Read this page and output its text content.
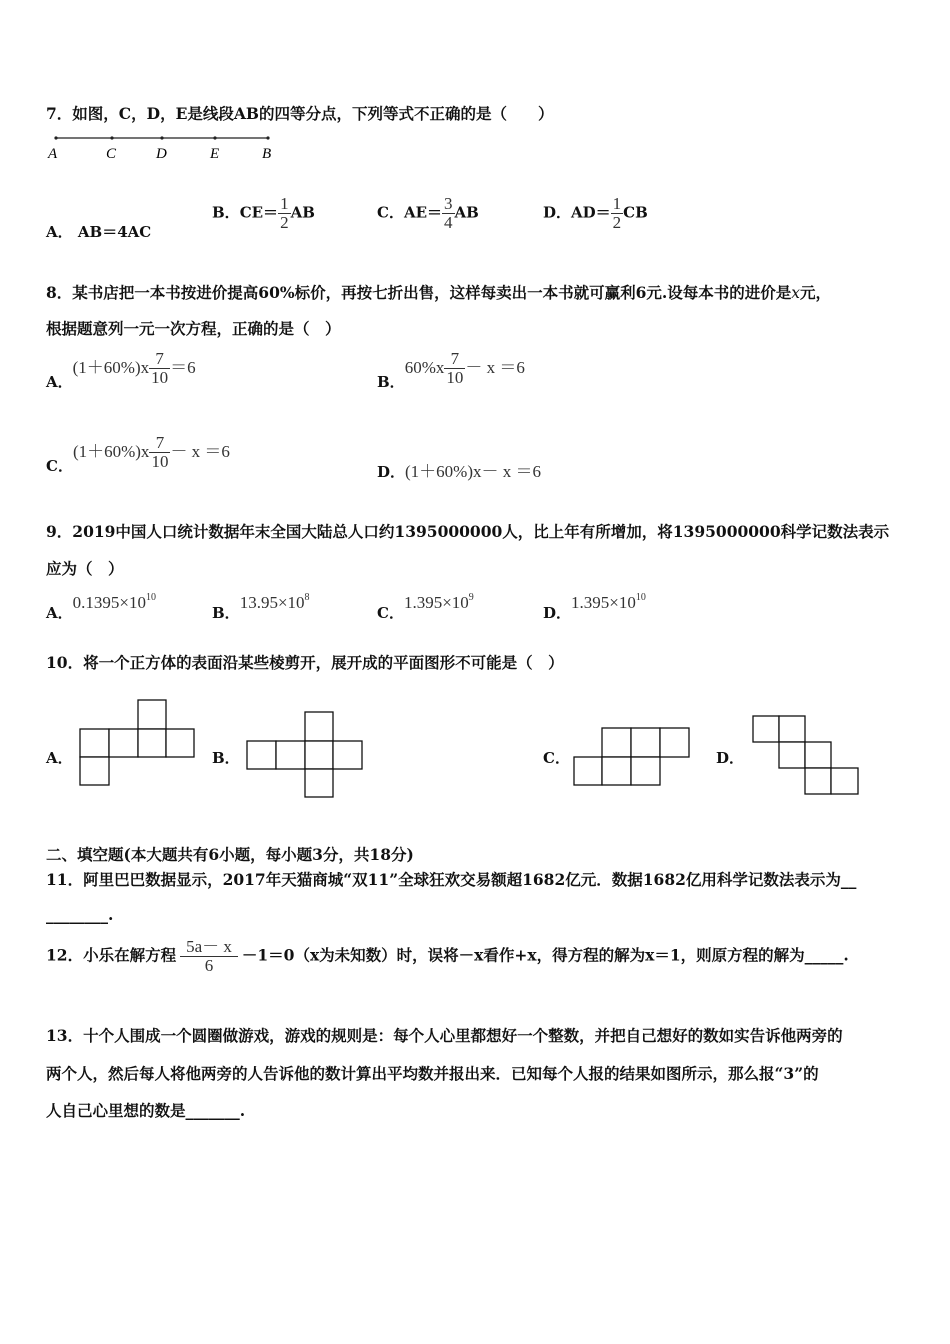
7．如图，C，D，E是线段AB的四等分点，下列等式不正确的是（　　）
A	C	D	E	B
A． AB＝4AC
B．$CE= \frac{1}{2}$ AB	C．$AE= \frac{3}{4}$ AB	D．$AD= \frac{1}{2}$ CB
8．某书店把一本书按进价提高60%标价，再按七折出售，这样每卖出一本书就可赢利6元.设每本书的进价是x元，
根据题意列一元一次方程，正确的是（　）
A．$(1+60\%)x \frac{7}{10} =6$
B．$60\%x \frac{7}{10} - x =6$
C．$(1+60\%)x \frac{7}{10} - x =6$
D．(1＋60%)x－ x ＝6
9．2019中国人口统计数据年末全国大陆总人口约1395000000人，比上年有所增加，将1395000000科学记数法表示
应为（　）
A．$0.1395\times 10^{10}$
B．$13.95\times 10^8$
C．$1.395\times 10^9$
D．$1.395\times 10^{10}$
10．将一个正方体的表面沿某些棱剪开，展开成的平面图形不可能是（　）
A．	B．	C．	D．
二、填空题(本大题共有6小题，每小题3分，共18分)
11．阿里巴巴数据显示，2017年天猫商城“双11”全球狂欢交易额超1682亿元．数据1682亿用科学记数法表示为__
________.
12．小乐在解方程 $\frac{5a- x}{6} -1=0(x$为未知数）时，误将－x看作+x，得方程的解为x＝1，则原方程的解为_____.
13．十个人围成一个圆圈做游戏，游戏的规则是：每个人心里都想好一个整数，并把自己想好的数如实告诉他两旁的
两个人，然后每人将他两旁的人告诉他的数计算出平均数并报出来．已知每个人报的结果如图所示，那么报“3”的
人自己心里想的数是_______.
